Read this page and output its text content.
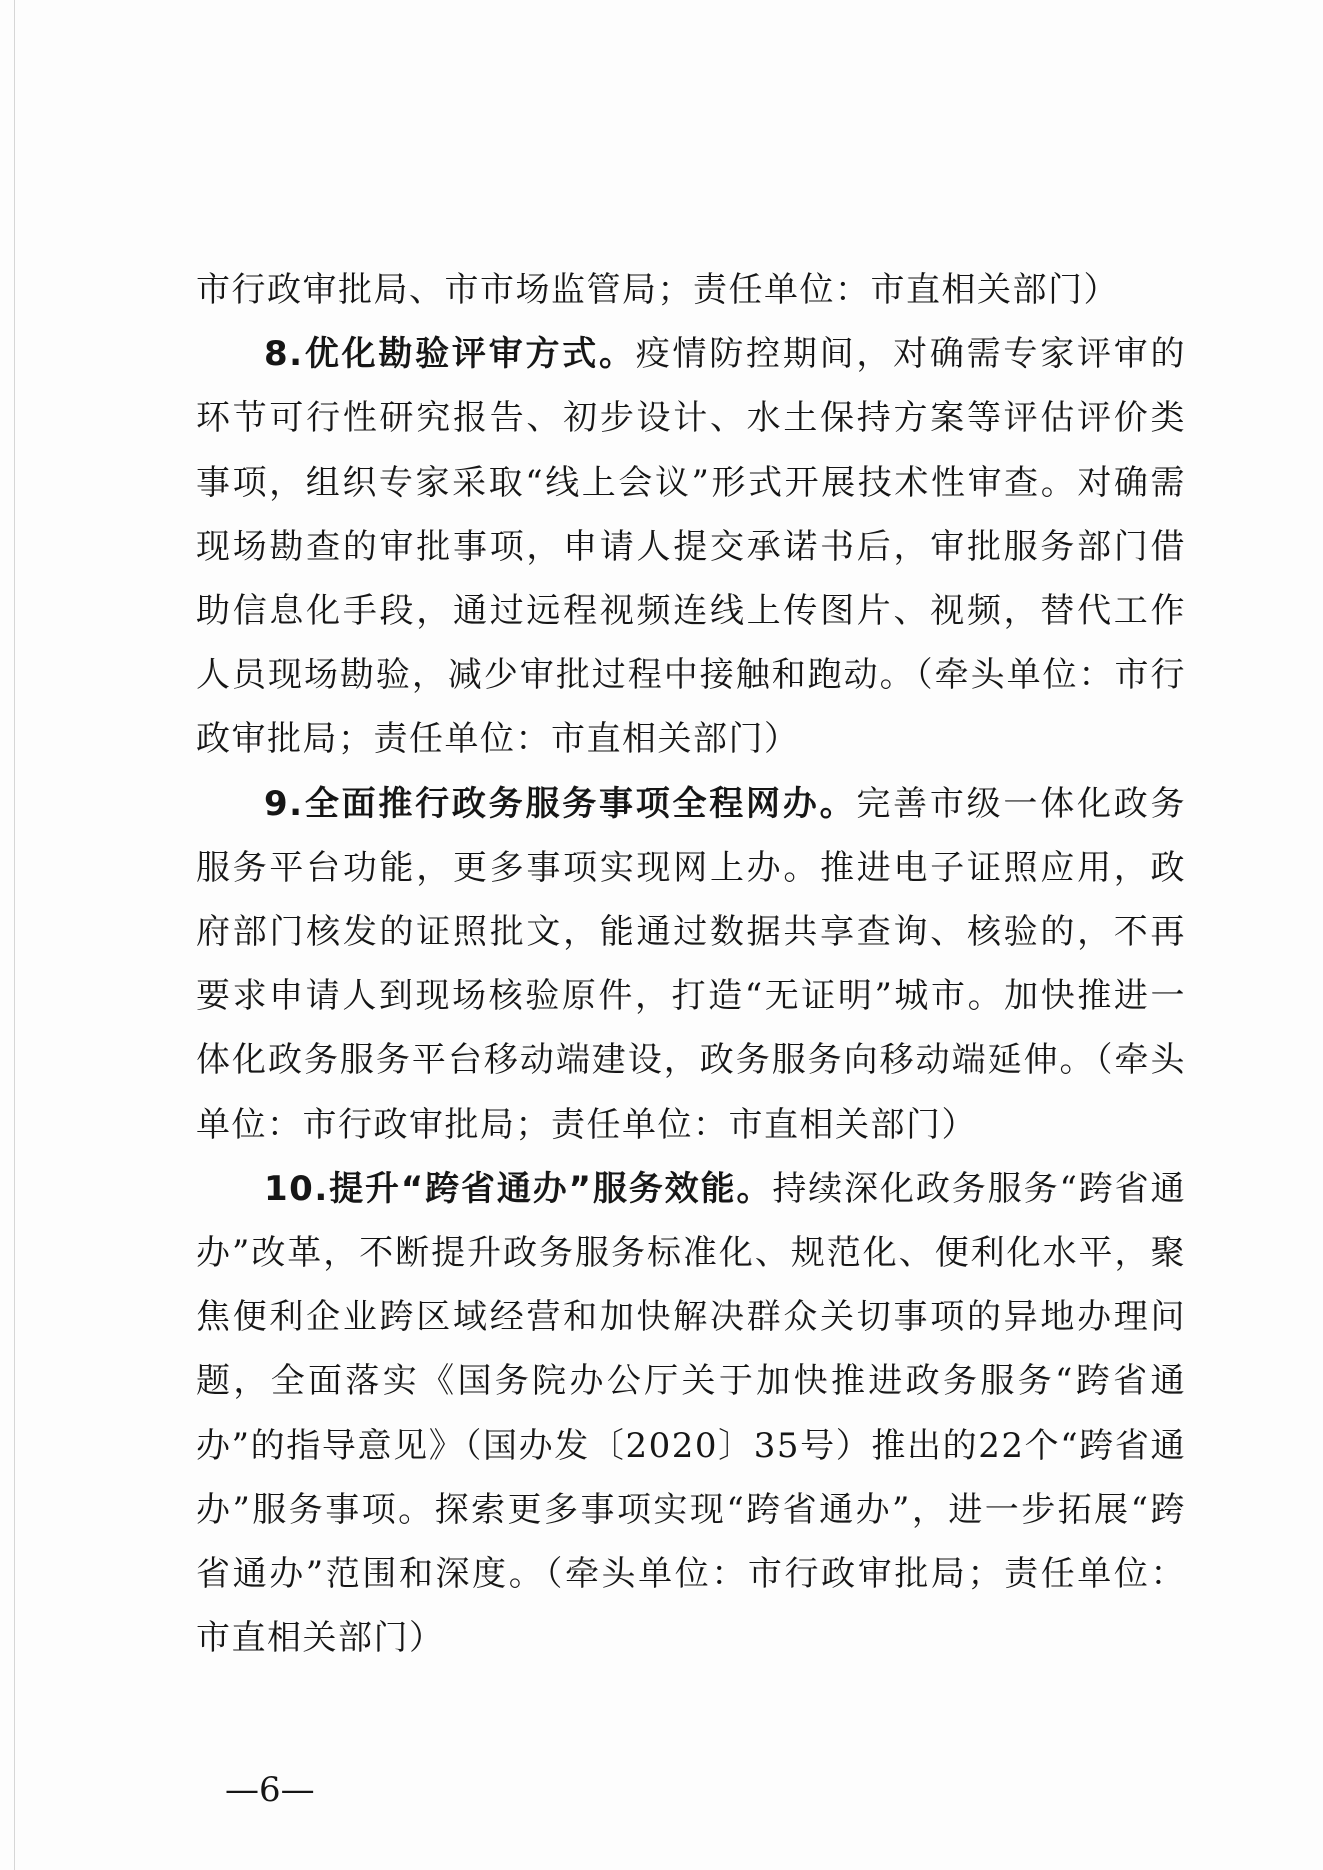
市行政审批局、市市场监管局；责任单位：市直相关部门）

8.优化勘验评审方式。疫情防控期间，对确需专家评审的环节可行性研究报告、初步设计、水土保持方案等评估评价类事项，组织专家采取“线上会议”形式开展技术性审查。对确需现场勘查的审批事项，申请人提交承诺书后，审批服务部门借助信息化手段，通过远程视频连线上传图片、视频，替代工作人员现场勘验，减少审批过程中接触和跑动。（牵头单位：市行政审批局；责任单位：市直相关部门）

9.全面推行政务服务事项全程网办。完善市级一体化政务服务平台功能，更多事项实现网上办。推进电子证照应用，政府部门核发的证照批文，能通过数据共享查询、核验的，不再要求申请人到现场核验原件，打造“无证明”城市。加快推进一体化政务服务平台移动端建设，政务服务向移动端延伸。（牵头单位：市行政审批局；责任单位：市直相关部门）

10.提升“跨省通办”服务效能。持续深化政务服务“跨省通办”改革，不断提升政务服务标准化、规范化、便利化水平，聚焦便利企业跨区域经营和加快解决群众关切事项的异地办理问题，全面落实《国务院办公厅关于加快推进政务服务“跨省通办”的指导意见》（国办发〔2020〕35号）推出的22个“跨省通办”服务事项。探索更多事项实现“跨省通办”，进一步拓展“跨省通办”范围和深度。（牵头单位：市行政审批局；责任单位：市直相关部门）

—6—
